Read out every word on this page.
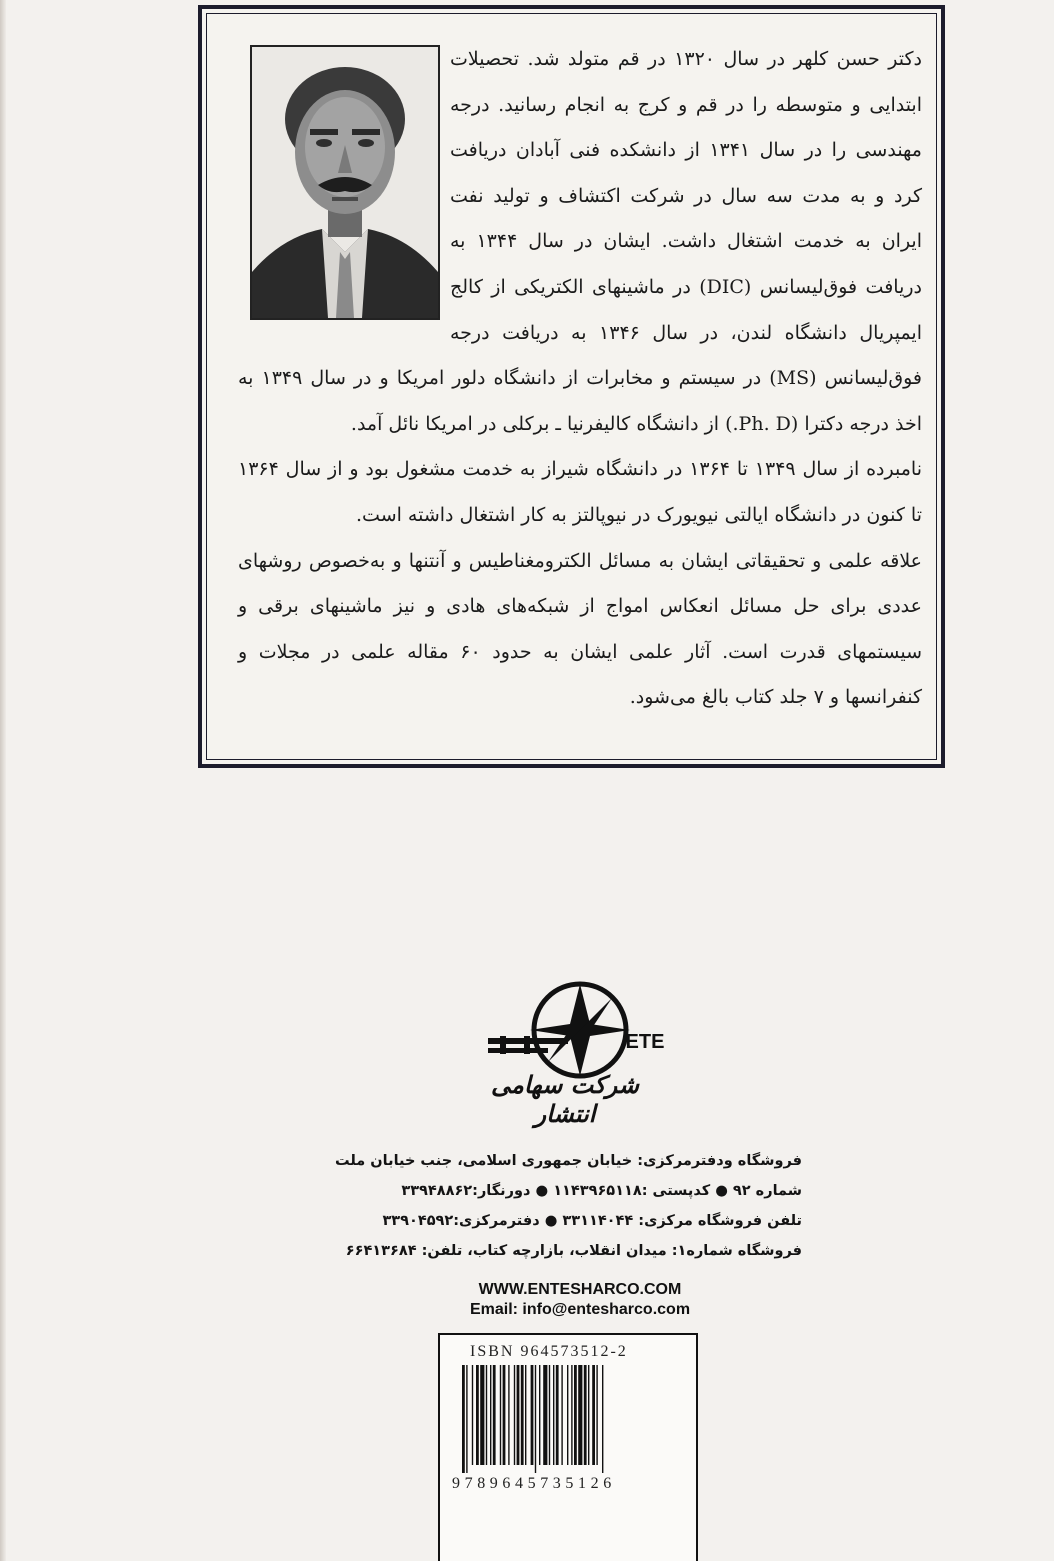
دکتر حسن کلهر در سال ۱۳۲۰ در قم متولد شد. تحصیلات ابتدایی و متوسطه را در قم و کرج به انجام رسانید. درجه مهندسی را در سال ۱۳۴۱ از دانشکده فنی آبادان دریافت کرد و به مدت سه سال در شرکت اکتشاف و تولید نفت ایران به خدمت اشتغال داشت. ایشان در سال ۱۳۴۴ به دریافت فوق‌لیسانس (DIC) در ماشینهای الکتریکی از کالج ایمپریال دانشگاه لندن، در سال ۱۳۴۶ به دریافت درجه فوق‌لیسانس (MS) در سیستم و مخابرات از دانشگاه دلور امریکا و در سال ۱۳۴۹ به اخذ درجه دکترا (Ph. D.) از دانشگاه کالیفرنیا ـ برکلی در امریکا نائل آمد.

نامبرده از سال ۱۳۴۹ تا ۱۳۶۴ در دانشگاه شیراز به خدمت مشغول بود و از سال ۱۳۶۴ تا کنون در دانشگاه ایالتی نیویورک در نیوپالتز به کار اشتغال داشته است.

علاقه علمی و تحقیقاتی ایشان به مسائل الکترومغناطیس و آنتنها و به‌خصوص روشهای عددی برای حل مسائل انعکاس امواج از شبکه‌های هادی و نیز ماشینهای برقی و سیستمهای قدرت است. آثار علمی ایشان به حدود ۶۰ مقاله علمی در مجلات و کنفرانسها و ۷ جلد کتاب بالغ می‌شود.

ETE
شرکت سهامی انتشار
فروشگاه ودفترمرکزی: خیابان جمهوری اسلامی، جنب خیابان ملت
شماره ۹۲ ● کدپستی :۱۱۴۳۹۶۵۱۱۸ ● دورنگار:۳۳۹۴۸۸۶۲
تلفن فروشگاه مرکزی: ۳۳۱۱۴۰۴۴ ● دفترمرکزی:۳۳۹۰۴۵۹۲
فروشگاه شماره۱: میدان انقلاب، بازارچه کتاب، تلفن: ۶۶۴۱۳۶۸۴
WWW.ENTESHARCO.COM
Email: info@entesharco.com
ISBN 964573512-2
9789645735126
